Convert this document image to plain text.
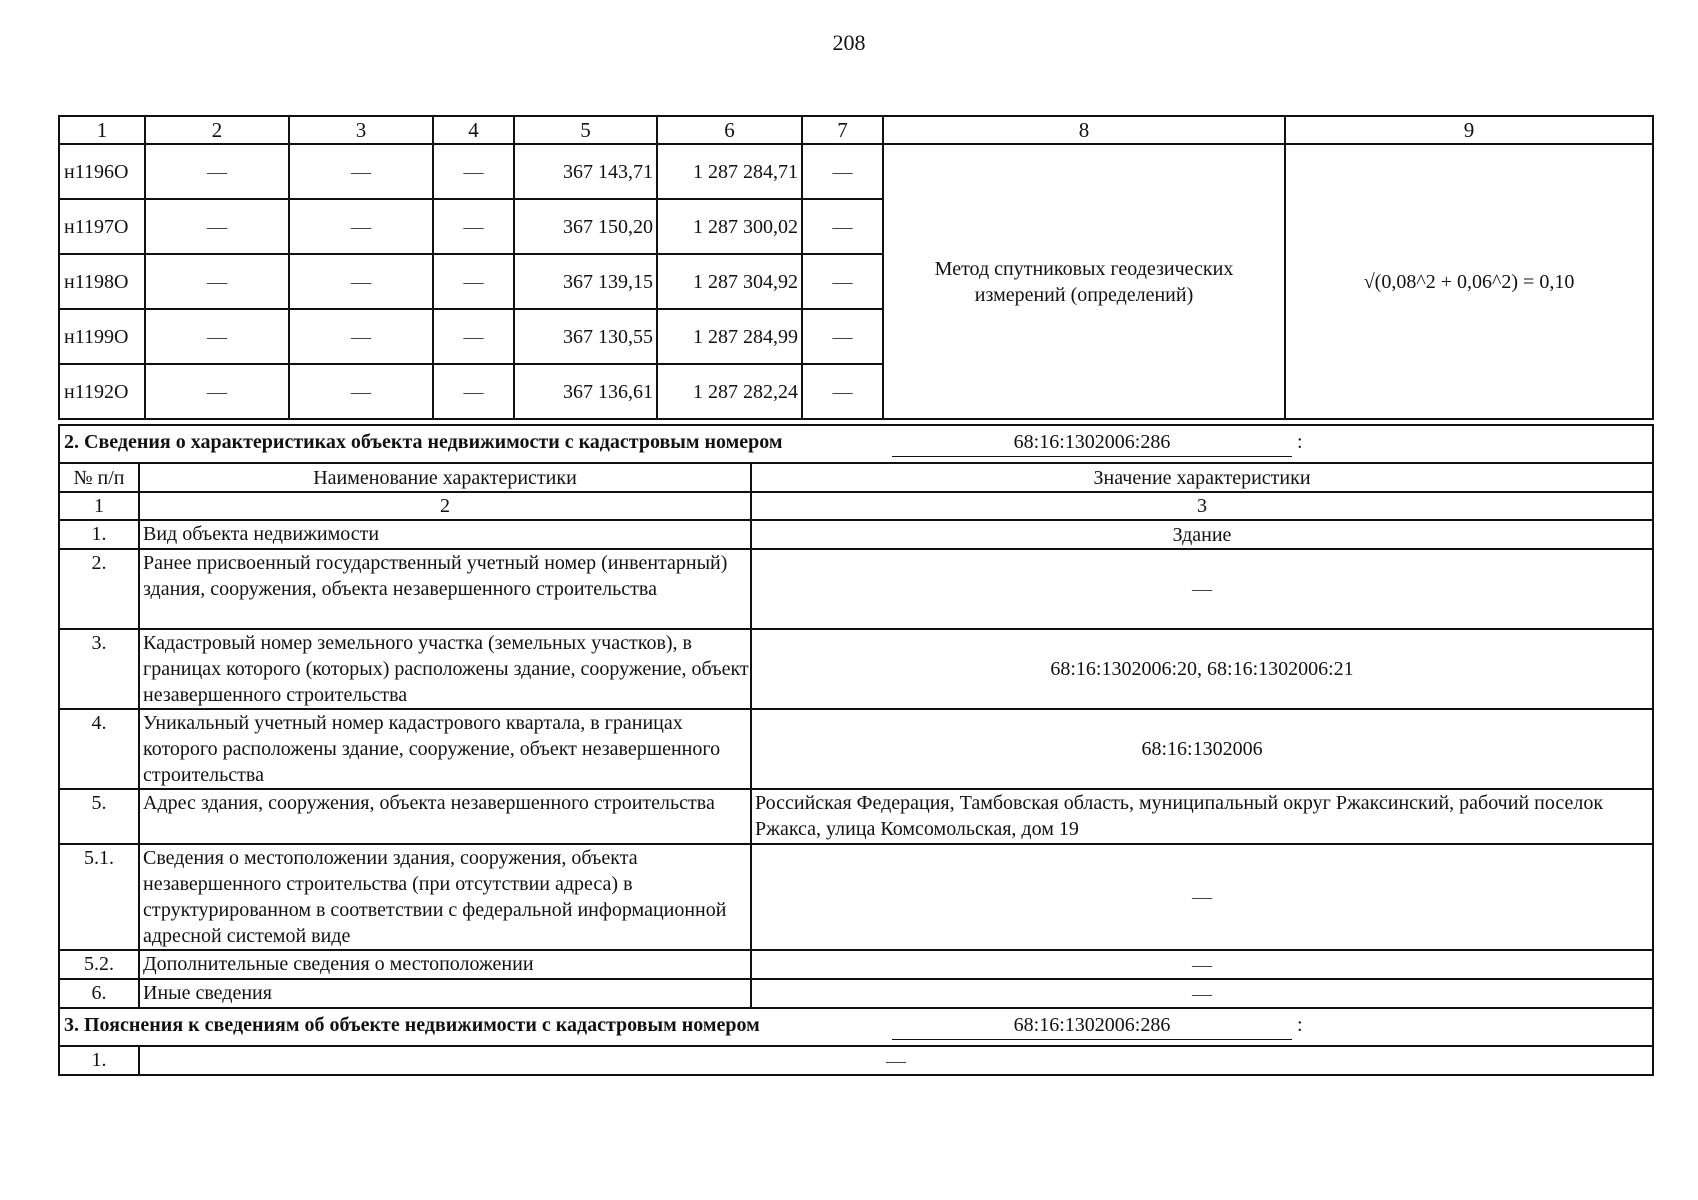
208
1	2	3	4	5	6	7	8	9
н1196О	—	—	—	367 143,71	1 287 284,71	—	Метод спутниковых геодезических измерений (определений)	√(0,08^2 + 0,06^2) = 0,10
н1197О	—	—	—	367 150,20	1 287 300,02	—		
н1198О	—	—	—	367 139,15	1 287 304,92	—		
н1199О	—	—	—	367 130,55	1 287 284,99	—		
н1192О	—	—	—	367 136,61	1 287 282,24	—		
2. Сведения о характеристиках объекта недвижимости с кадастровым номером 68:16:1302006:286 :		

№ п/п	Наименование характеристики	Значение характеристики
1	2	3
1.	Вид объекта недвижимости	Здание
2.	Ранее присвоенный государственный учетный номер (инвентарный) здания, сооружения, объекта незавершенного строительства	—
3.	Кадастровый номер земельного участка (земельных участков), в границах которого (которых) расположены здание, сооружение, объект незавершенного строительства	68:16:1302006:20, 68:16:1302006:21
4.	Уникальный учетный номер кадастрового квартала, в границах которого расположены здание, сооружение, объект незавершенного строительства	68:16:1302006
5.	Адрес здания, сооружения, объекта незавершенного строительства	Российская Федерация, Тамбовская область, муниципальный округ Ржаксинский, рабочий поселок Ржакса, улица Комсомольская, дом 19
5.1.	Сведения о местоположении здания, сооружения, объекта незавершенного строительства (при отсутствии адреса) в структурированном в соответствии с федеральной информационной адресной системой виде	—
5.2.	Дополнительные сведения о местоположении	—
6.	Иные сведения	—

3. Пояснения к сведениям об объекте недвижимости с кадастровым номером 68:16:1302006:286 :		

1.	—	
